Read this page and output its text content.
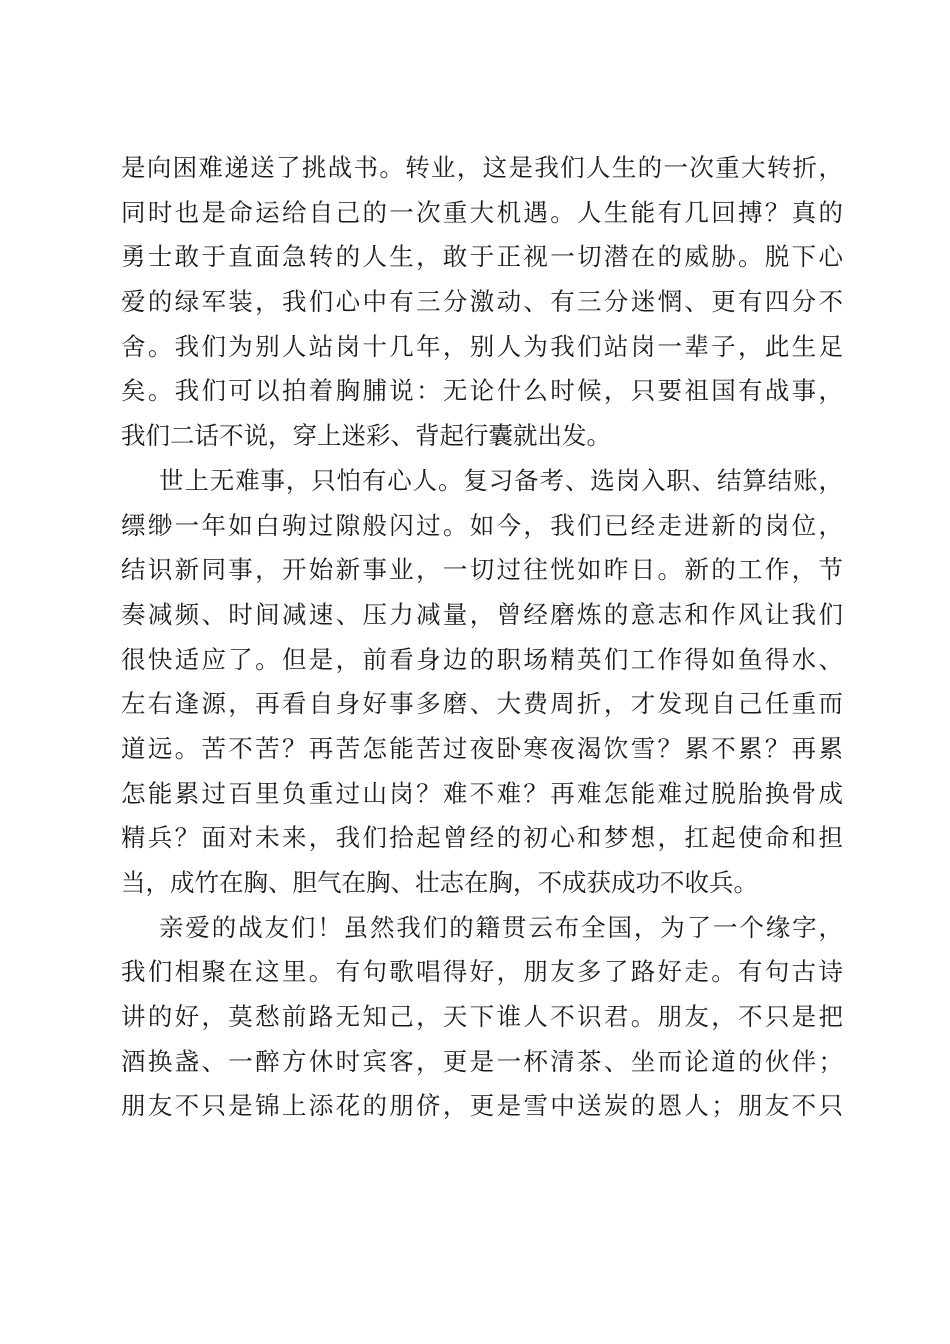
是向困难递送了挑战书。转业，这是我们人生的一次重大转折，
同时也是命运给自己的一次重大机遇。人生能有几回搏？真的
勇士敢于直面急转的人生，敢于正视一切潜在的威胁。脱下心
爱的绿军装，我们心中有三分激动、有三分迷惘、更有四分不
舍。我们为别人站岗十几年，别人为我们站岗一辈子，此生足
矣。我们可以拍着胸脯说：无论什么时候，只要祖国有战事，
我们二话不说，穿上迷彩、背起行囊就出发。
世上无难事，只怕有心人。复习备考、选岗入职、结算结账，
缥缈一年如白驹过隙般闪过。如今，我们已经走进新的岗位，
结识新同事，开始新事业，一切过往恍如昨日。新的工作，节
奏减频、时间减速、压力减量，曾经磨炼的意志和作风让我们
很快适应了。但是，前看身边的职场精英们工作得如鱼得水、
左右逢源，再看自身好事多磨、大费周折，才发现自己任重而
道远。苦不苦？再苦怎能苦过夜卧寒夜渴饮雪？累不累？再累
怎能累过百里负重过山岗？难不难？再难怎能难过脱胎换骨成
精兵？面对未来，我们拾起曾经的初心和梦想，扛起使命和担
当，成竹在胸、胆气在胸、壮志在胸，不成获成功不收兵。
亲爱的战友们！虽然我们的籍贯云布全国，为了一个缘字，
我们相聚在这里。有句歌唱得好，朋友多了路好走。有句古诗
讲的好，莫愁前路无知己，天下谁人不识君。朋友，不只是把
酒换盏、一醉方休时宾客，更是一杯清茶、坐而论道的伙伴；
朋友不只是锦上添花的朋侪，更是雪中送炭的恩人；朋友不只
